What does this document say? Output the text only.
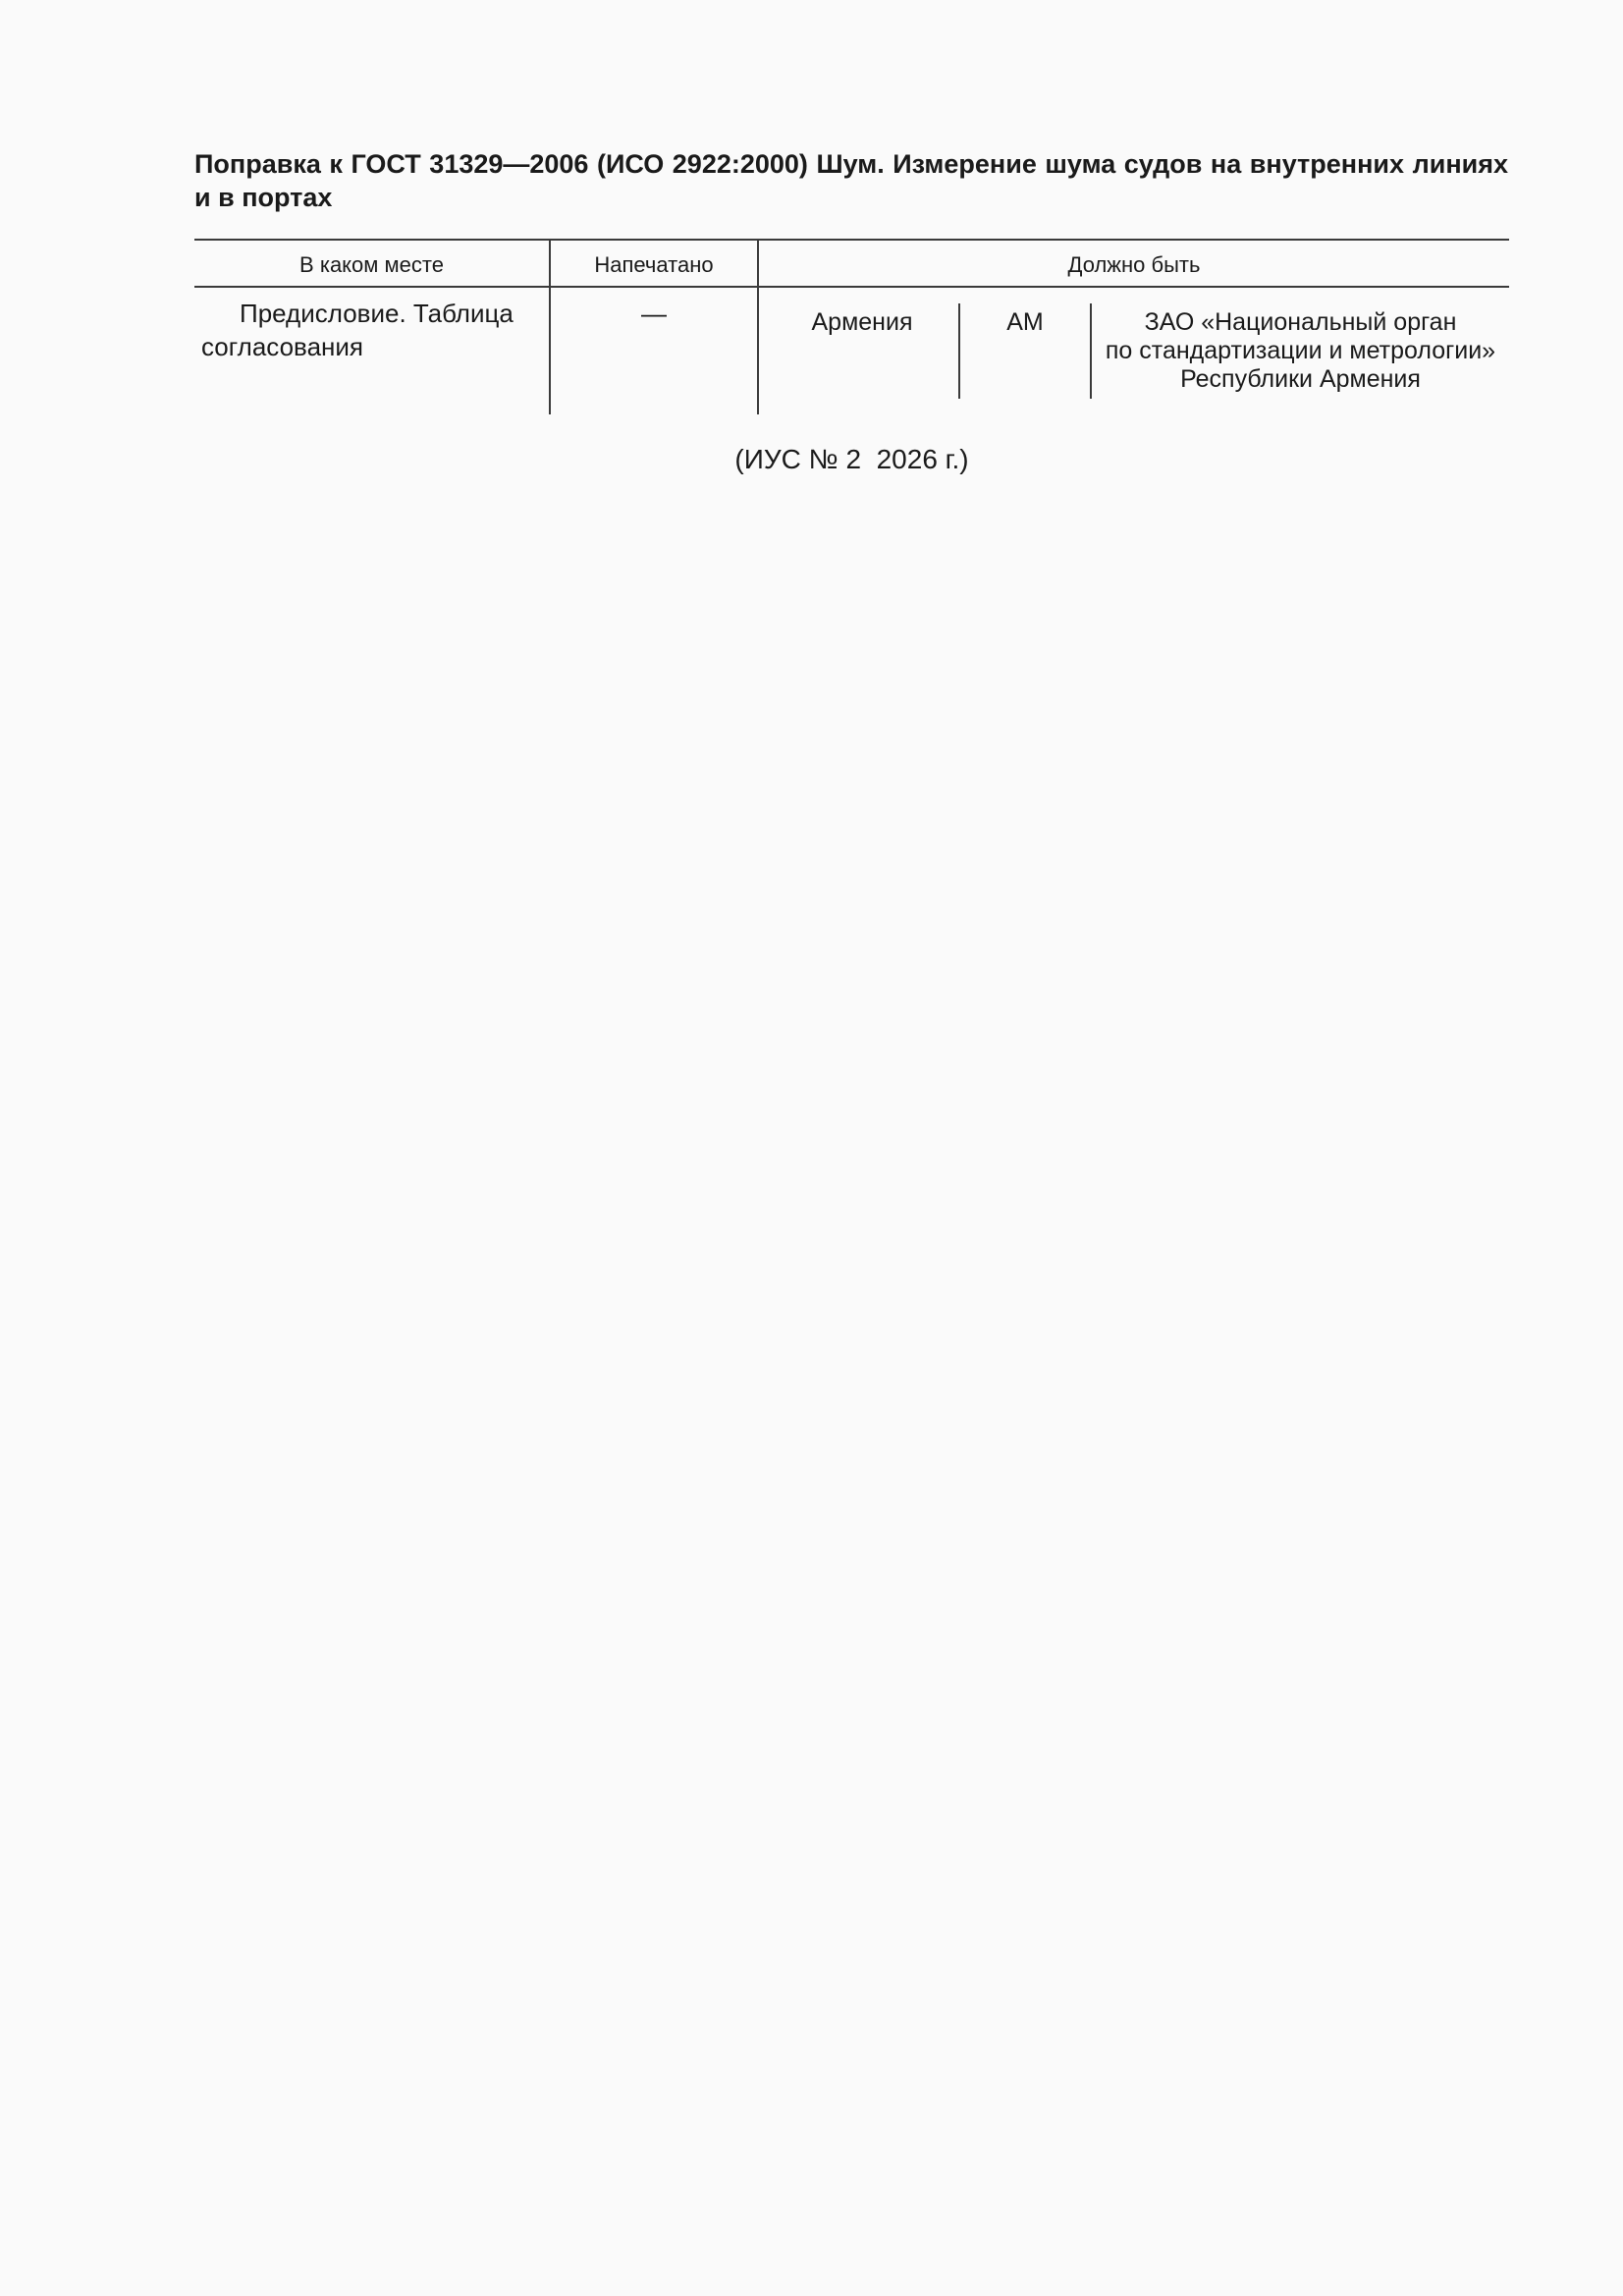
Поправка к ГОСТ 31329—2006 (ИСО 2922:2000) Шум. Измерение шума судов на внутренних линиях и в портах
В каком месте	Напечатано	Должно быть
Предисловие. Таблица
согласования
—	Армения	AM	ЗАО «Национальный орган
по стандартизации и метрологии»
Республики Армения
(ИУС № 2  2026 г.)
